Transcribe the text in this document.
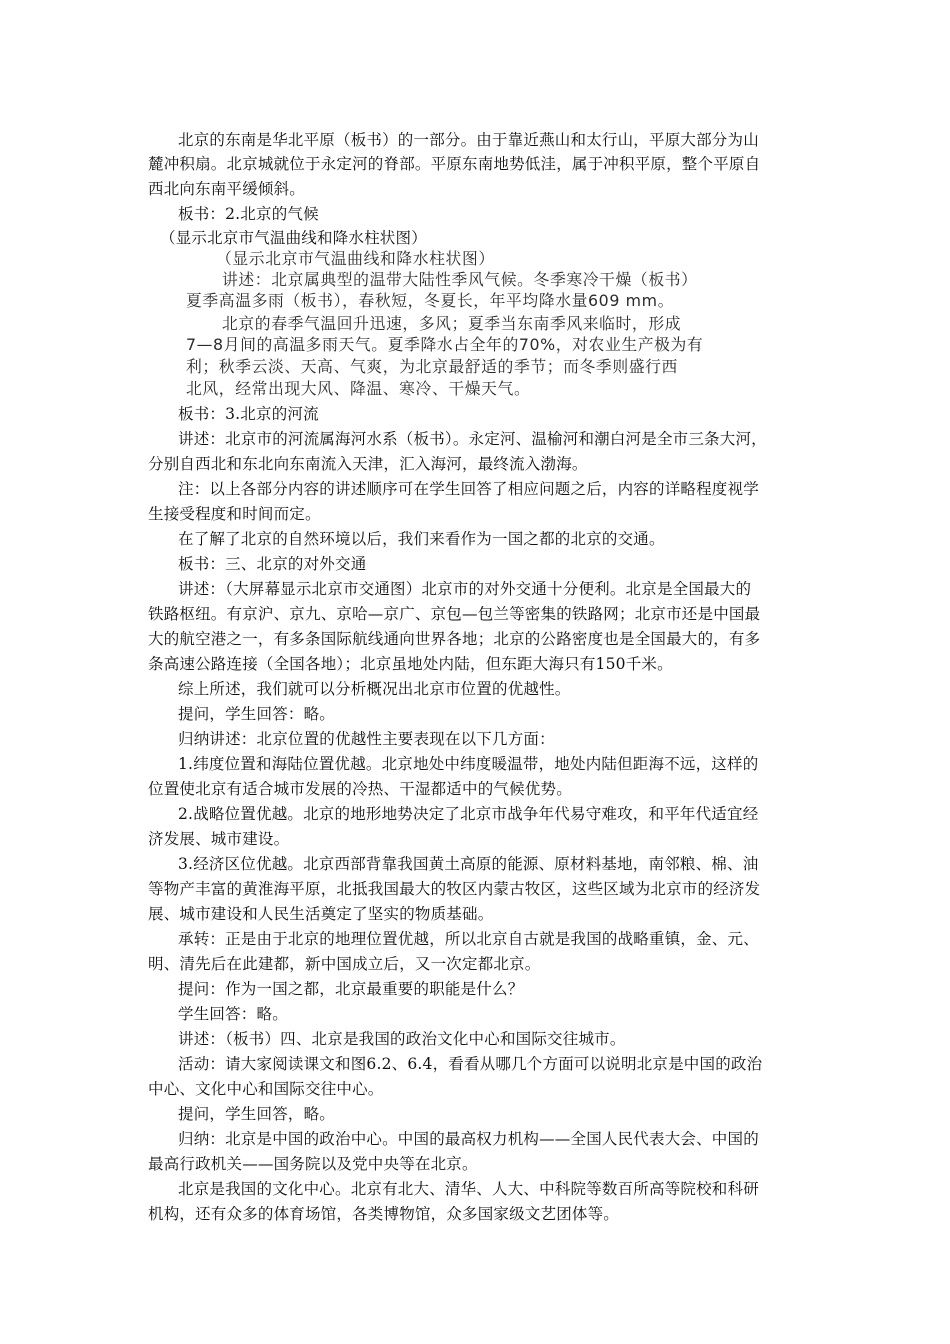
北京的东南是华北平原（板书）的一部分。由于靠近燕山和太行山，平原大部分为山
麓冲积扇。北京城就位于永定河的脊部。平原东南地势低洼，属于冲积平原，整个平原自
西北向东南平缓倾斜。
板书：2.北京的气候
（显示北京市气温曲线和降水柱状图）
（显示北京市气温曲线和降水柱状图）
讲述：北京属典型的温带大陆性季风气候。冬季寒冷干燥（板书）
夏季高温多雨（板书），春秋短，冬夏长，年平均降水量609 mm。
北京的春季气温回升迅速，多风；夏季当东南季风来临时，形成
7—8月间的高温多雨天气。夏季降水占全年的70%，对农业生产极为有
利；秋季云淡、天高、气爽，为北京最舒适的季节；而冬季则盛行西
北风，经常出现大风、降温、寒冷、干燥天气。
板书：3.北京的河流
讲述：北京市的河流属海河水系（板书）。永定河、温榆河和潮白河是全市三条大河，
分别自西北和东北向东南流入天津，汇入海河，最终流入渤海。
注：以上各部分内容的讲述顺序可在学生回答了相应问题之后，内容的详略程度视学
生接受程度和时间而定。
在了解了北京的自然环境以后，我们来看作为一国之都的北京的交通。
板书：三、北京的对外交通
讲述：（大屏幕显示北京市交通图）北京市的对外交通十分便利。北京是全国最大的
铁路枢纽。有京沪、京九、京哈—京广、京包—包兰等密集的铁路网；北京市还是中国最
大的航空港之一，有多条国际航线通向世界各地；北京的公路密度也是全国最大的，有多
条高速公路连接（全国各地）；北京虽地处内陆，但东距大海只有150千米。
综上所述，我们就可以分析概况出北京市位置的优越性。
提问，学生回答：略。
归纳讲述：北京位置的优越性主要表现在以下几方面：
1.纬度位置和海陆位置优越。北京地处中纬度暖温带，地处内陆但距海不远，这样的
位置使北京有适合城市发展的冷热、干湿都适中的气候优势。
2.战略位置优越。北京的地形地势决定了北京市战争年代易守难攻，和平年代适宜经
济发展、城市建设。
3.经济区位优越。北京西部背靠我国黄土高原的能源、原材料基地，南邻粮、棉、油
等物产丰富的黄淮海平原，北抵我国最大的牧区内蒙古牧区，这些区域为北京市的经济发
展、城市建设和人民生活奠定了坚实的物质基础。
承转：正是由于北京的地理位置优越，所以北京自古就是我国的战略重镇，金、元、
明、清先后在此建都，新中国成立后，又一次定都北京。
提问：作为一国之都，北京最重要的职能是什么？
学生回答：略。
讲述：（板书）四、北京是我国的政治文化中心和国际交往城市。
活动：请大家阅读课文和图6.2、6.4，看看从哪几个方面可以说明北京是中国的政治
中心、文化中心和国际交往中心。
提问，学生回答，略。
归纳：北京是中国的政治中心。中国的最高权力机构——全国人民代表大会、中国的
最高行政机关——国务院以及党中央等在北京。
北京是我国的文化中心。北京有北大、清华、人大、中科院等数百所高等院校和科研
机构，还有众多的体育场馆，各类博物馆，众多国家级文艺团体等。
